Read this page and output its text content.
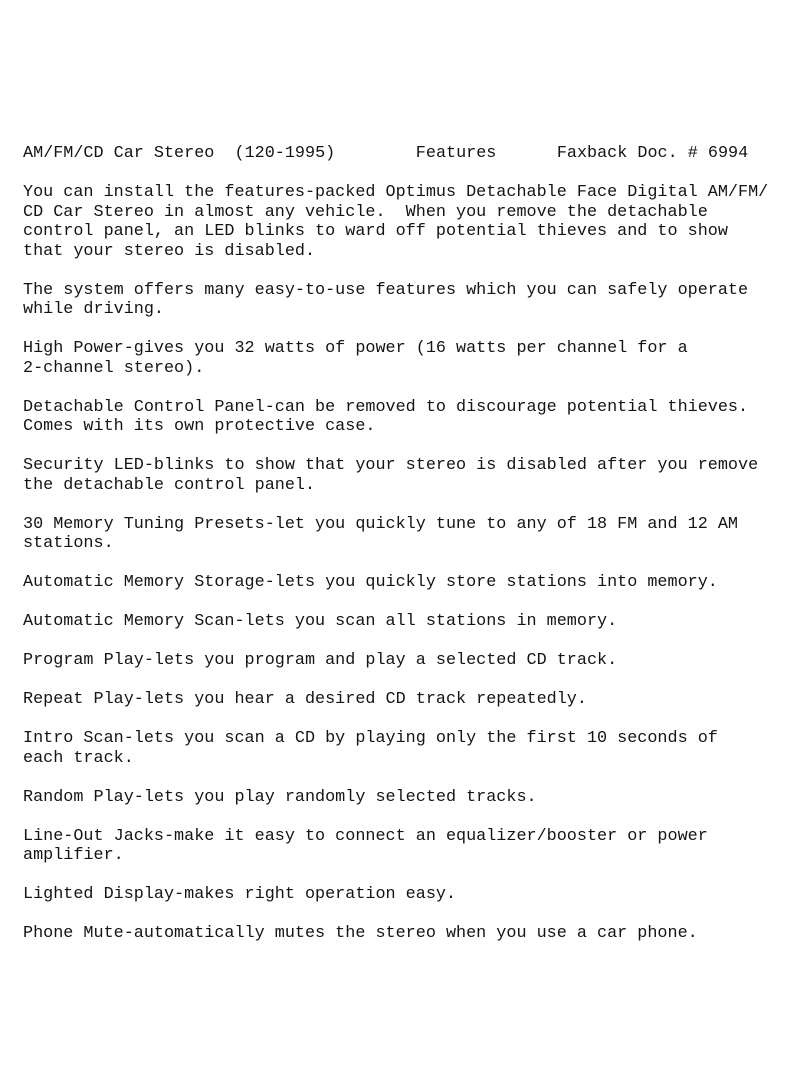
AM/FM/CD Car Stereo (120-1995)	Features	Faxback Doc. # 6994
You can install the features-packed Optimus Detachable Face Digital AM/FM/
CD Car Stereo in almost any vehicle.  When you remove the detachable
control panel, an LED blinks to ward off potential thieves and to show
that your stereo is disabled.
The system offers many easy-to-use features which you can safely operate
while driving.
High Power-gives you 32 watts of power (16 watts per channel for a
2-channel stereo).
Detachable Control Panel-can be removed to discourage potential thieves.
Comes with its own protective case.
Security LED-blinks to show that your stereo is disabled after you remove
the detachable control panel.
30 Memory Tuning Presets-let you quickly tune to any of 18 FM and 12 AM
stations.
Automatic Memory Storage-lets you quickly store stations into memory.
Automatic Memory Scan-lets you scan all stations in memory.
Program Play-lets you program and play a selected CD track.
Repeat Play-lets you hear a desired CD track repeatedly.
Intro Scan-lets you scan a CD by playing only the first 10 seconds of
each track.
Random Play-lets you play randomly selected tracks.
Line-Out Jacks-make it easy to connect an equalizer/booster or power
amplifier.
Lighted Display-makes right operation easy.
Phone Mute-automatically mutes the stereo when you use a car phone.
